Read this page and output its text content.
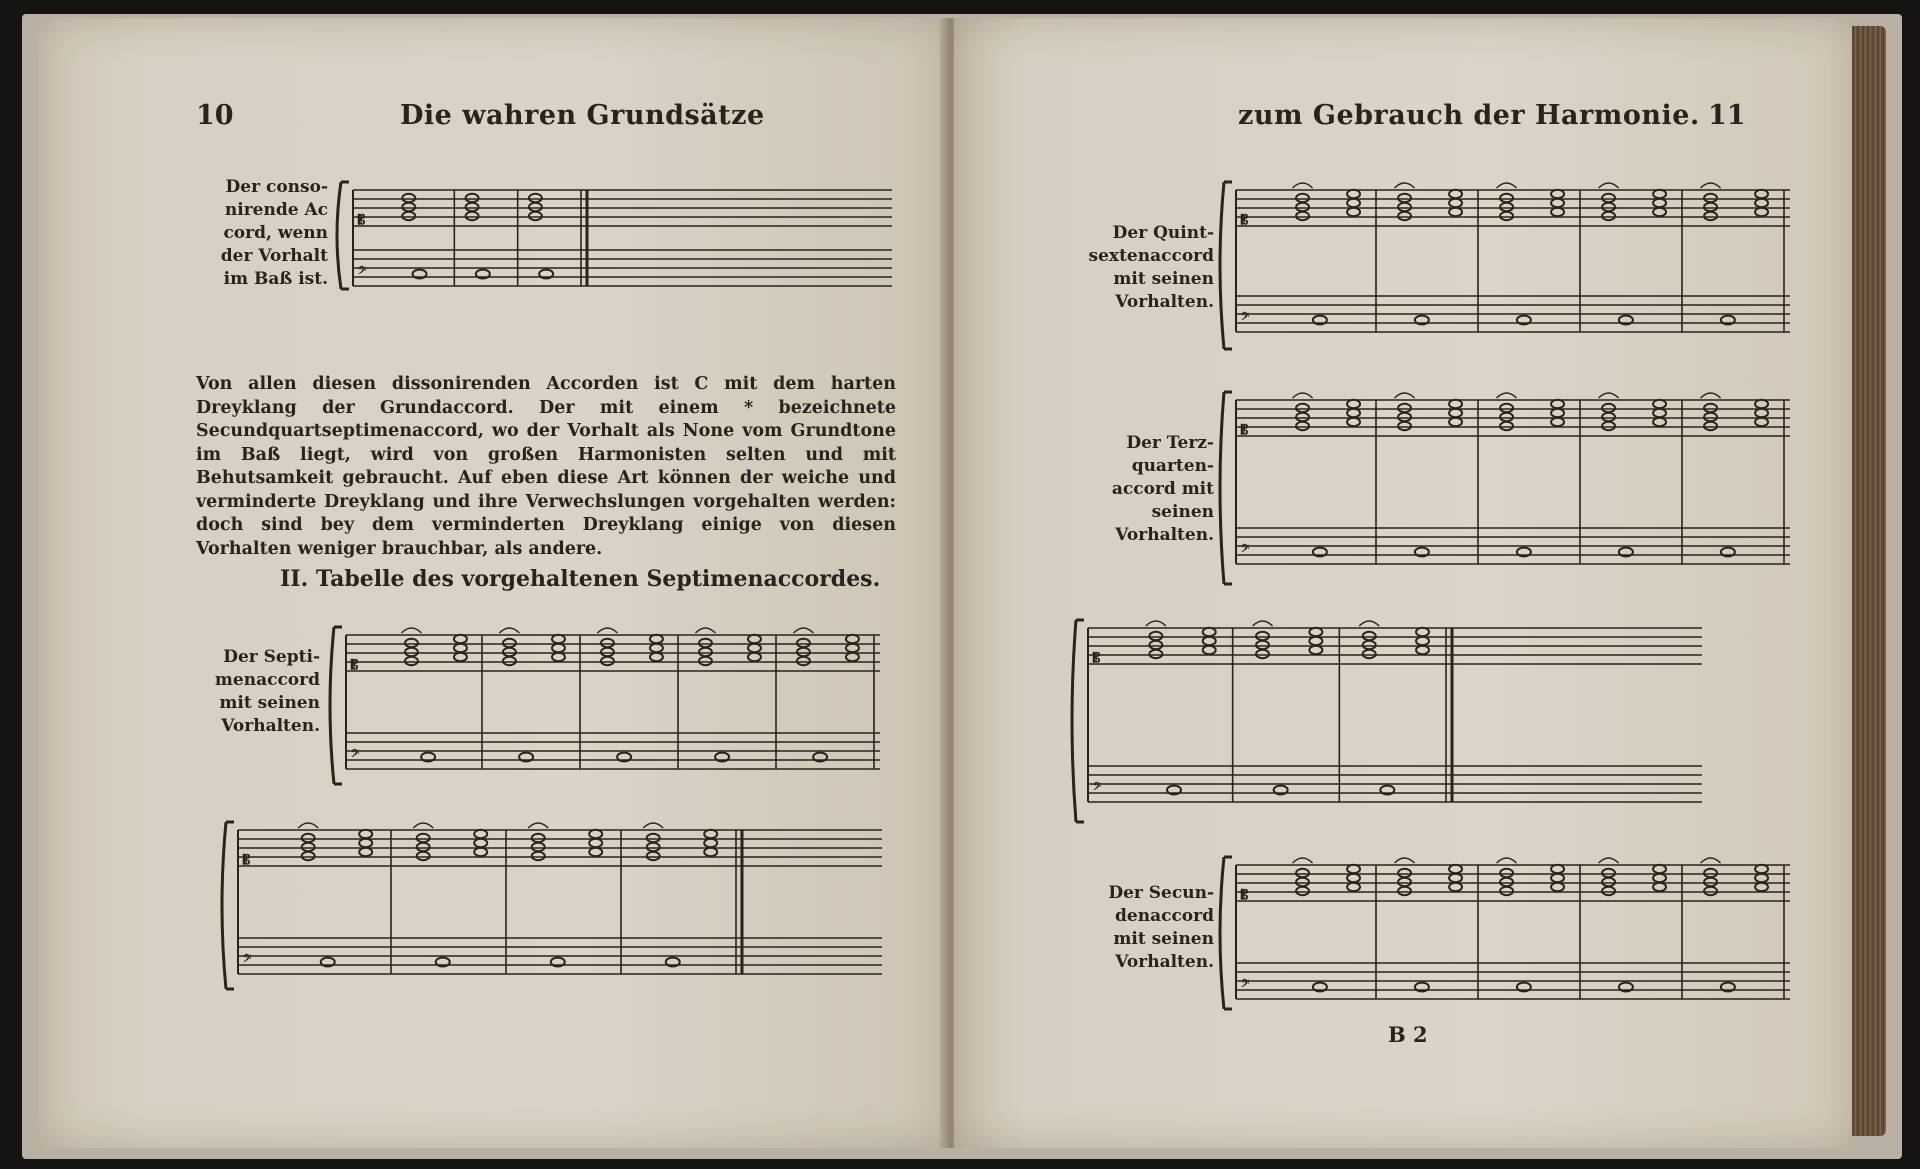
10	Die wahren Grundsätze
Der conso-
nirende Ac
cord, wenn
der Vorhalt
im Baß ist.
𝄡
𝄢
Von allen diesen dissonirenden Accorden ist C mit dem harten Dreyklang der Grundaccord. Der mit einem * bezeichnete Secundquartseptimenaccord, wo der Vorhalt als None vom Grundtone im Baß liegt, wird von großen Harmonisten selten und mit Behutsamkeit gebraucht. Auf eben diese Art können der weiche und verminderte Dreyklang und ihre Verwechslungen vorgehalten werden: doch sind bey dem verminderten Dreyklang einige von diesen Vorhalten weniger brauchbar, als andere.
II. Tabelle des vorgehaltenen Septimenaccordes.
Der Septi-
menaccord
mit seinen
Vorhalten.
𝄡
𝄢
𝄡
𝄢
zum Gebrauch der Harmonie. 11
Der Quint-
sextenaccord
mit seinen
Vorhalten.
𝄡
𝄢
Der Terz-
quarten-
accord mit
seinen
Vorhalten.
𝄡
𝄢
𝄡
𝄢
Der Secun-
denaccord
mit seinen
Vorhalten.
𝄡
𝄢
B 2
